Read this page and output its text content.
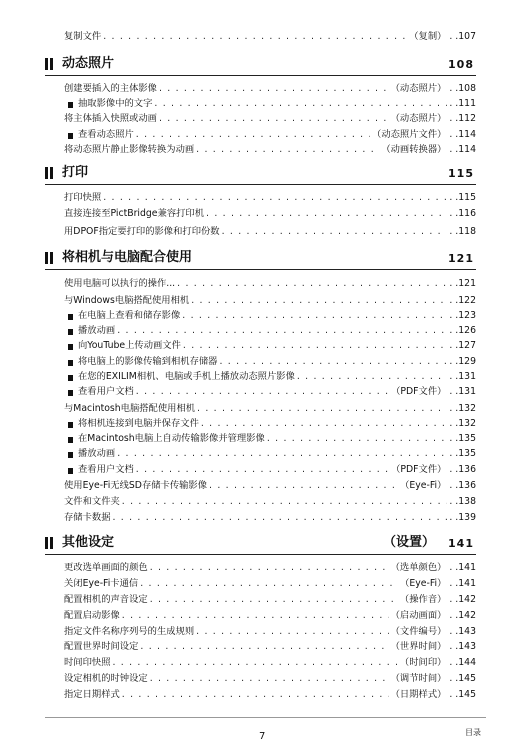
动态照片	108
打印	115
将相机与电脑配合使用	121
其他设定	（设置） 141
复制文件 . . .	（复制） . . 107
创建要插入的主体影像 . . .	（动态照片） . . 108
抽取影像中的文字 . . .	. . 111
将主体插入快照或动画 . . .	（动态照片） . . 112
查看动态照片 . . .	（动态照片文件） . . 114
将动态照片静止影像转换为动画 . . .	（动画转换器） . . 114
打印快照 . . .	. . 115
直接连接至PictBridge兼容打印机 . . .	. . 116
用DPOF指定要打印的影像和打印份数 . . .	. . 118
使用电脑可以执行的操作... . . .	. . 121
与Windows电脑搭配使用相机 . . .	. . 122
在电脑上查看和储存影像 . . .	. . 123
播放动画 . . .	. . 126
向YouTube上传动画文件 . . .	. . 127
将电脑上的影像传输到相机存储器 . . .	. . 129
在您的EXILIM相机、电脑或手机上播放动态照片影像 . . .	. . 131
查看用户文档 . . .	（PDF文件） . . 131
与Macintosh电脑搭配使用相机 . . .	. . 132
将相机连接到电脑并保存文件 . . .	. . 132
在Macintosh电脑上自动传输影像并管理影像 . . .	. . 135
播放动画 . . .	. . 135
查看用户文档 . . .	（PDF文件） . . 136
使用Eye-Fi无线SD存储卡传输影像 . . .	（Eye-Fi） . . 136
文件和文件夹 . . .	. . 138
存储卡数据 . . .	. . 139
更改选单画面的颜色 . . .	（选单颜色） . . 141
关闭Eye-Fi卡通信 . . .	（Eye-Fi） . . 141
配置相机的声音设定 . . .	（操作音） . . 142
配置启动影像 . . .	（启动画面） . . 142
指定文件名称序列号的生成规则 . . .	（文件编号） . . 143
配置世界时间设定 . . .	（世界时间） . . 143
时间印快照 . . .	（时间印） . . 144
设定相机的时钟设定 . . .	（调节时间） . . 145
指定日期样式 . . .	（日期样式） . . 145
7	目录
